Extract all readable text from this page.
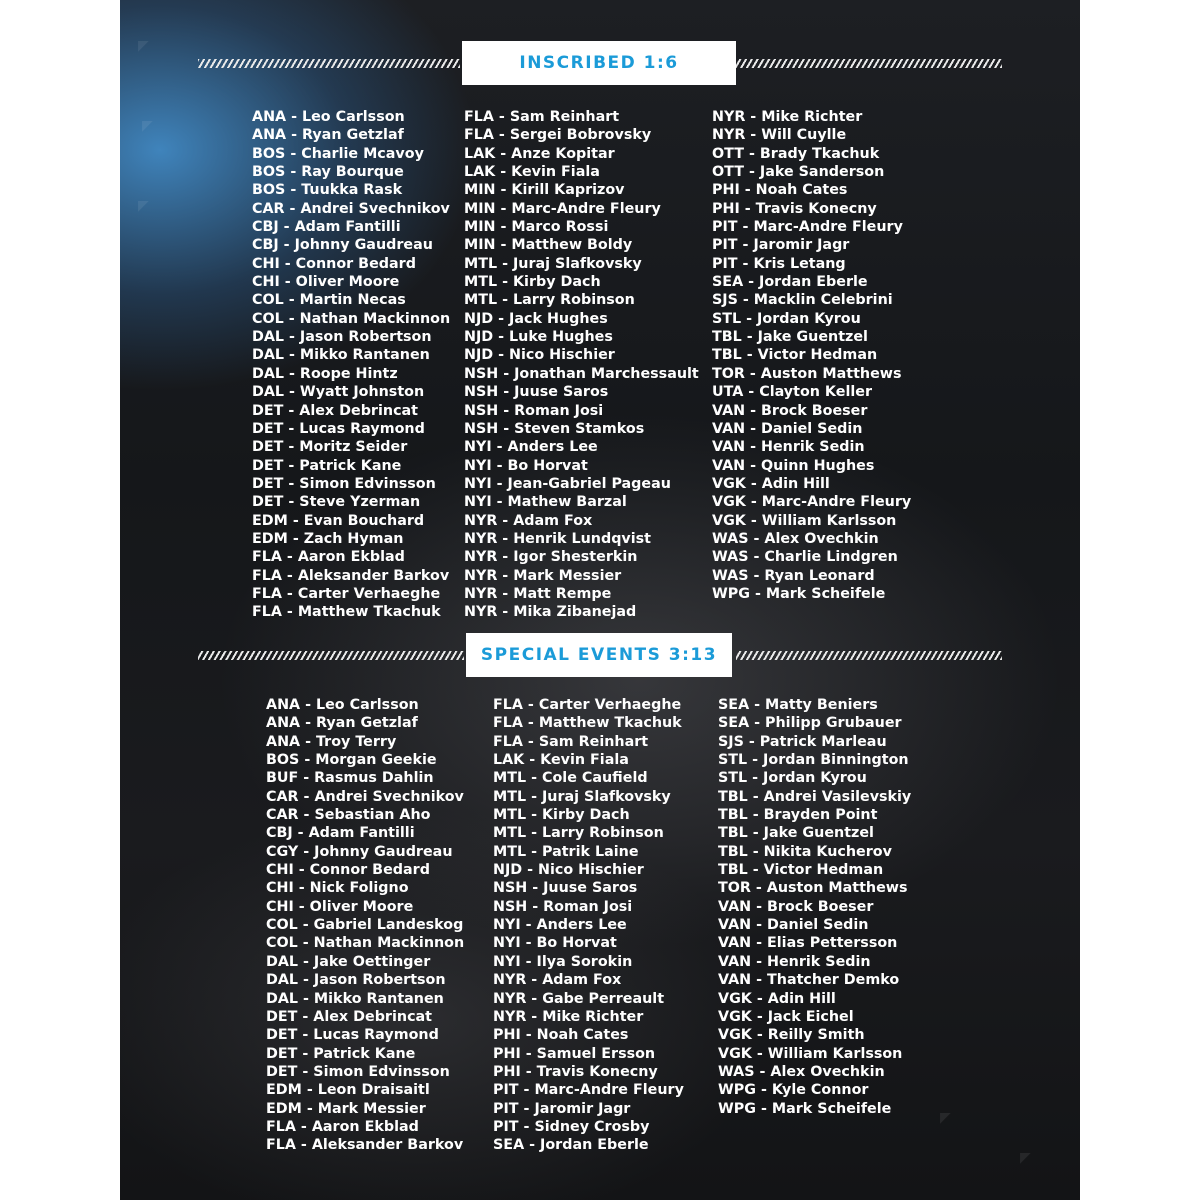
◤
◤
◤
◤
◤
INSCRIBED 1:6
ANA - Leo Carlsson
ANA - Ryan Getzlaf
BOS - Charlie Mcavoy
BOS - Ray Bourque
BOS - Tuukka Rask
CAR - Andrei Svechnikov
CBJ - Adam Fantilli
CBJ - Johnny Gaudreau
CHI - Connor Bedard
CHI - Oliver Moore
COL - Martin Necas
COL - Nathan Mackinnon
DAL - Jason Robertson
DAL - Mikko Rantanen
DAL - Roope Hintz
DAL - Wyatt Johnston
DET - Alex Debrincat
DET - Lucas Raymond
DET - Moritz Seider
DET - Patrick Kane
DET - Simon Edvinsson
DET - Steve Yzerman
EDM - Evan Bouchard
EDM - Zach Hyman
FLA - Aaron Ekblad
FLA - Aleksander Barkov
FLA - Carter Verhaeghe
FLA - Matthew Tkachuk
FLA - Sam Reinhart
FLA - Sergei Bobrovsky
LAK - Anze Kopitar
LAK - Kevin Fiala
MIN - Kirill Kaprizov
MIN - Marc-Andre Fleury
MIN - Marco Rossi
MIN - Matthew Boldy
MTL - Juraj Slafkovsky
MTL - Kirby Dach
MTL - Larry Robinson
NJD - Jack Hughes
NJD - Luke Hughes
NJD - Nico Hischier
NSH - Jonathan Marchessault
NSH - Juuse Saros
NSH - Roman Josi
NSH - Steven Stamkos
NYI - Anders Lee
NYI - Bo Horvat
NYI - Jean-Gabriel Pageau
NYI - Mathew Barzal
NYR - Adam Fox
NYR - Henrik Lundqvist
NYR - Igor Shesterkin
NYR - Mark Messier
NYR - Matt Rempe
NYR - Mika Zibanejad
NYR - Mike Richter
NYR - Will Cuylle
OTT - Brady Tkachuk
OTT - Jake Sanderson
PHI - Noah Cates
PHI - Travis Konecny
PIT - Marc-Andre Fleury
PIT - Jaromir Jagr
PIT - Kris Letang
SEA - Jordan Eberle
SJS - Macklin Celebrini
STL - Jordan Kyrou
TBL - Jake Guentzel
TBL - Victor Hedman
TOR - Auston Matthews
UTA - Clayton Keller
VAN - Brock Boeser
VAN - Daniel Sedin
VAN - Henrik Sedin
VAN - Quinn Hughes
VGK - Adin Hill
VGK - Marc-Andre Fleury
VGK - William Karlsson
WAS - Alex Ovechkin
WAS - Charlie Lindgren
WAS - Ryan Leonard
WPG - Mark Scheifele
SPECIAL EVENTS 3:13
ANA - Leo Carlsson
ANA - Ryan Getzlaf
ANA - Troy Terry
BOS - Morgan Geekie
BUF - Rasmus Dahlin
CAR - Andrei Svechnikov
CAR - Sebastian Aho
CBJ - Adam Fantilli
CGY - Johnny Gaudreau
CHI - Connor Bedard
CHI - Nick Foligno
CHI - Oliver Moore
COL - Gabriel Landeskog
COL - Nathan Mackinnon
DAL - Jake Oettinger
DAL - Jason Robertson
DAL - Mikko Rantanen
DET - Alex Debrincat
DET - Lucas Raymond
DET - Patrick Kane
DET - Simon Edvinsson
EDM - Leon Draisaitl
EDM - Mark Messier
FLA - Aaron Ekblad
FLA - Aleksander Barkov
FLA - Carter Verhaeghe
FLA - Matthew Tkachuk
FLA - Sam Reinhart
LAK - Kevin Fiala
MTL - Cole Caufield
MTL - Juraj Slafkovsky
MTL - Kirby Dach
MTL - Larry Robinson
MTL - Patrik Laine
NJD - Nico Hischier
NSH - Juuse Saros
NSH - Roman Josi
NYI - Anders Lee
NYI - Bo Horvat
NYI - Ilya Sorokin
NYR - Adam Fox
NYR - Gabe Perreault
NYR - Mike Richter
PHI - Noah Cates
PHI - Samuel Ersson
PHI - Travis Konecny
PIT - Marc-Andre Fleury
PIT - Jaromir Jagr
PIT - Sidney Crosby
SEA - Jordan Eberle
SEA - Matty Beniers
SEA - Philipp Grubauer
SJS - Patrick Marleau
STL - Jordan Binnington
STL - Jordan Kyrou
TBL - Andrei Vasilevskiy
TBL - Brayden Point
TBL - Jake Guentzel
TBL - Nikita Kucherov
TBL - Victor Hedman
TOR - Auston Matthews
VAN - Brock Boeser
VAN - Daniel Sedin
VAN - Elias Pettersson
VAN - Henrik Sedin
VAN - Thatcher Demko
VGK - Adin Hill
VGK - Jack Eichel
VGK - Reilly Smith
VGK - William Karlsson
WAS - Alex Ovechkin
WPG - Kyle Connor
WPG - Mark Scheifele
